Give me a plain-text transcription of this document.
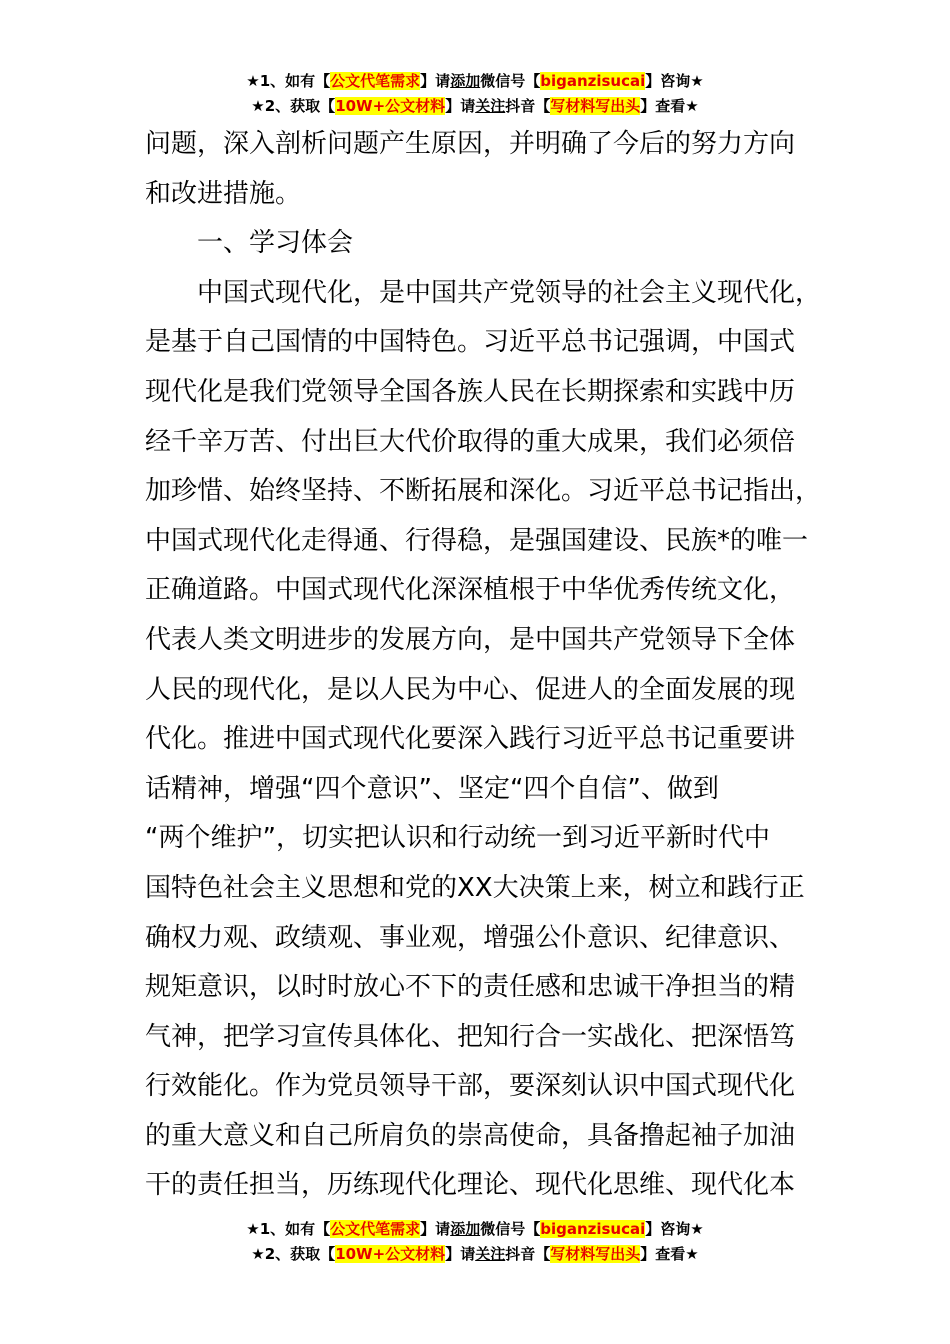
★1、如有【公文代笔需求】请添加微信号【biganzisucai】咨询★
★2、获取【10W+公文材料】请关注抖音【写材料写出头】查看★
问题，深入剖析问题产生原因，并明确了今后的努力方向
和改进措施。
一、学习体会
中国式现代化，是中国共产党领导的社会主义现代化，
是基于自己国情的中国特色。习近平总书记强调，中国式
现代化是我们党领导全国各族人民在长期探索和实践中历
经千辛万苦、付出巨大代价取得的重大成果，我们必须倍
加珍惜、始终坚持、不断拓展和深化。习近平总书记指出，
中国式现代化走得通、行得稳，是强国建设、民族*的唯一
正确道路。中国式现代化深深植根于中华优秀传统文化，
代表人类文明进步的发展方向，是中国共产党领导下全体
人民的现代化，是以人民为中心、促进人的全面发展的现
代化。推进中国式现代化要深入践行习近平总书记重要讲
话精神，增强“四个意识”、坚定“四个自信”、做到
“两个维护”，切实把认识和行动统一到习近平新时代中
国特色社会主义思想和党的XX大决策上来，树立和践行正
确权力观、政绩观、事业观，增强公仆意识、纪律意识、
规矩意识，以时时放心不下的责任感和忠诚干净担当的精
气神，把学习宣传具体化、把知行合一实战化、把深悟笃
行效能化。作为党员领导干部，要深刻认识中国式现代化
的重大意义和自己所肩负的崇高使命，具备撸起袖子加油
干的责任担当，历练现代化理论、现代化思维、现代化本
★1、如有【公文代笔需求】请添加微信号【biganzisucai】咨询★
★2、获取【10W+公文材料】请关注抖音【写材料写出头】查看★
